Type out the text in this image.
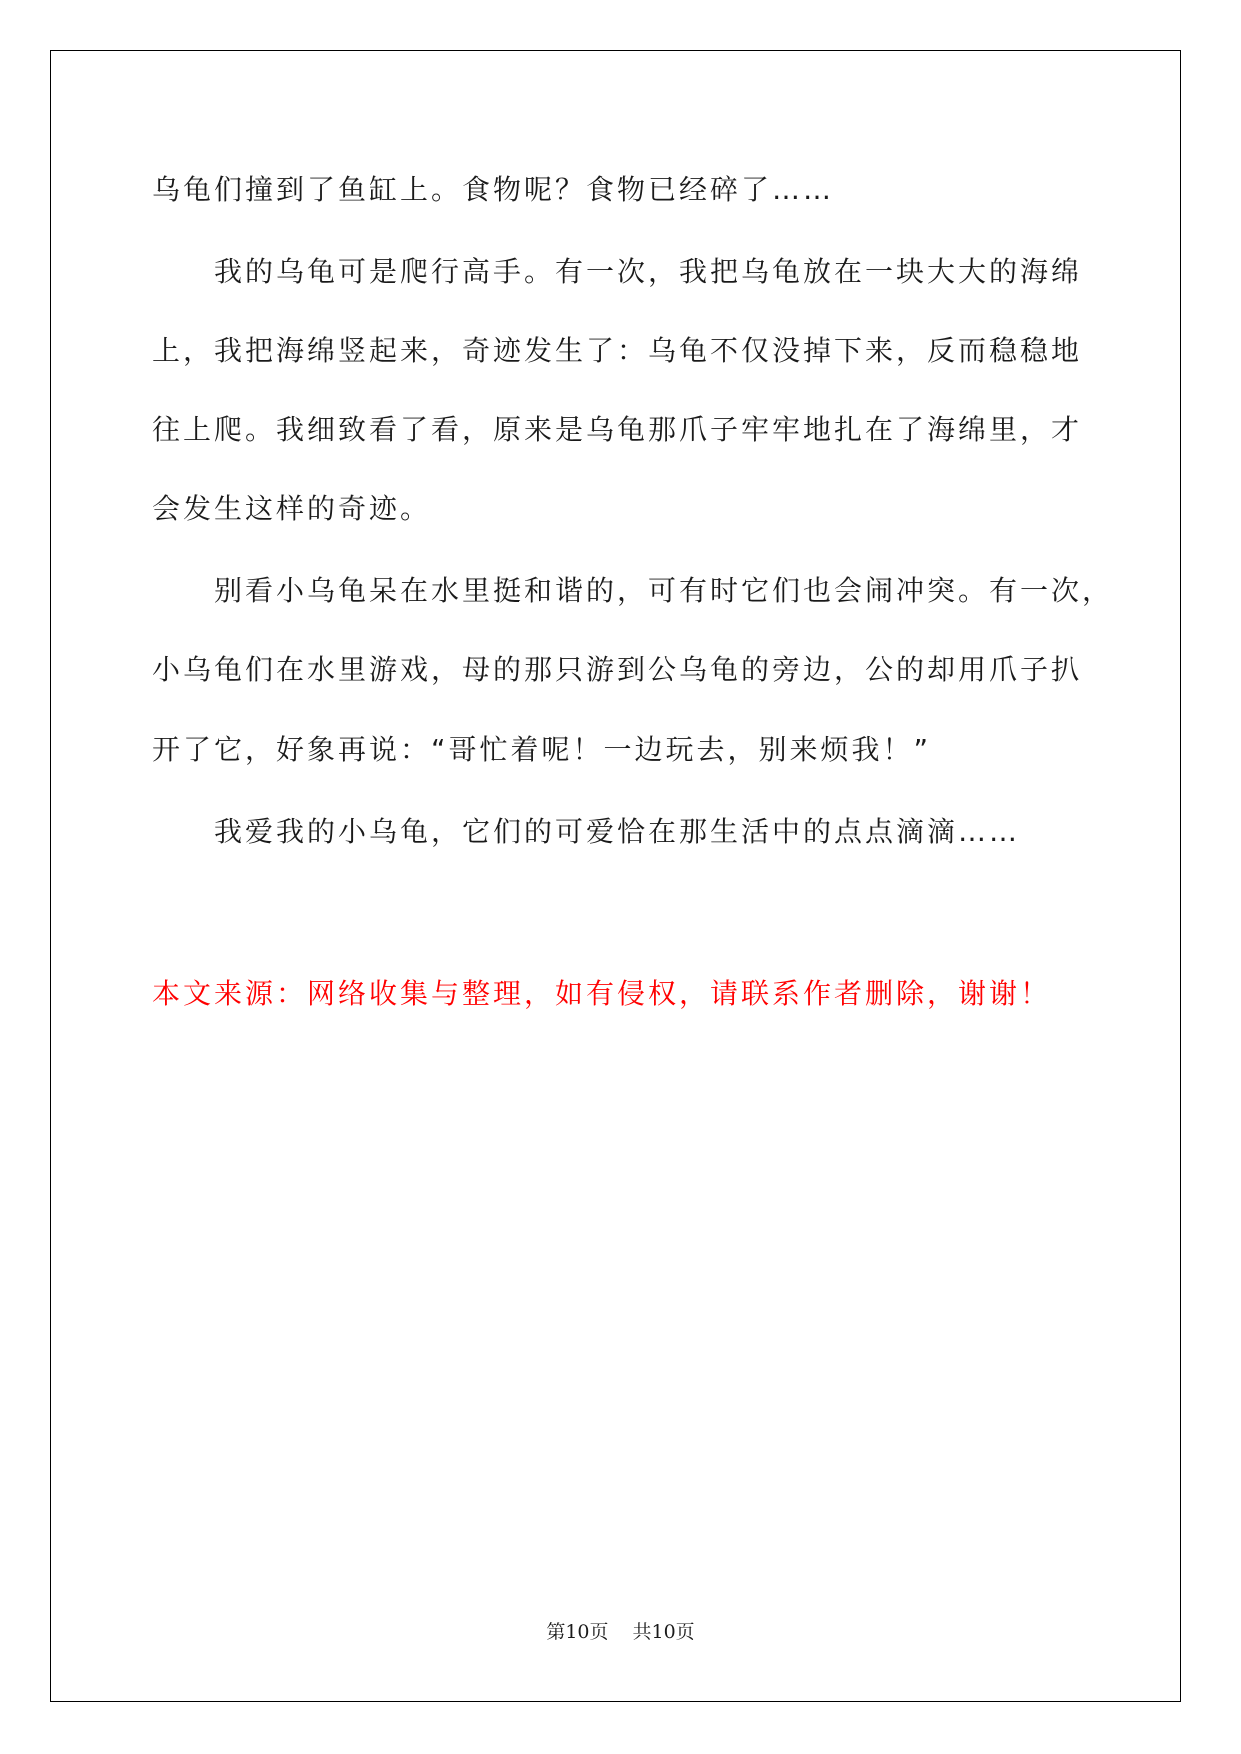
乌龟们撞到了鱼缸上。食物呢？食物已经碎了……
我的乌龟可是爬行高手。有一次，我把乌龟放在一块大大的海绵
上，我把海绵竖起来，奇迹发生了：乌龟不仅没掉下来，反而稳稳地
往上爬。我细致看了看，原来是乌龟那爪子牢牢地扎在了海绵里，才
会发生这样的奇迹。
别看小乌龟呆在水里挺和谐的，可有时它们也会闹冲突。有一次，
小乌龟们在水里游戏，母的那只游到公乌龟的旁边，公的却用爪子扒
开了它，好象再说：“哥忙着呢！一边玩去，别来烦我！”
我爱我的小乌龟，它们的可爱恰在那生活中的点点滴滴……
本文来源：网络收集与整理，如有侵权，请联系作者删除，谢谢！
第10页 共10页
